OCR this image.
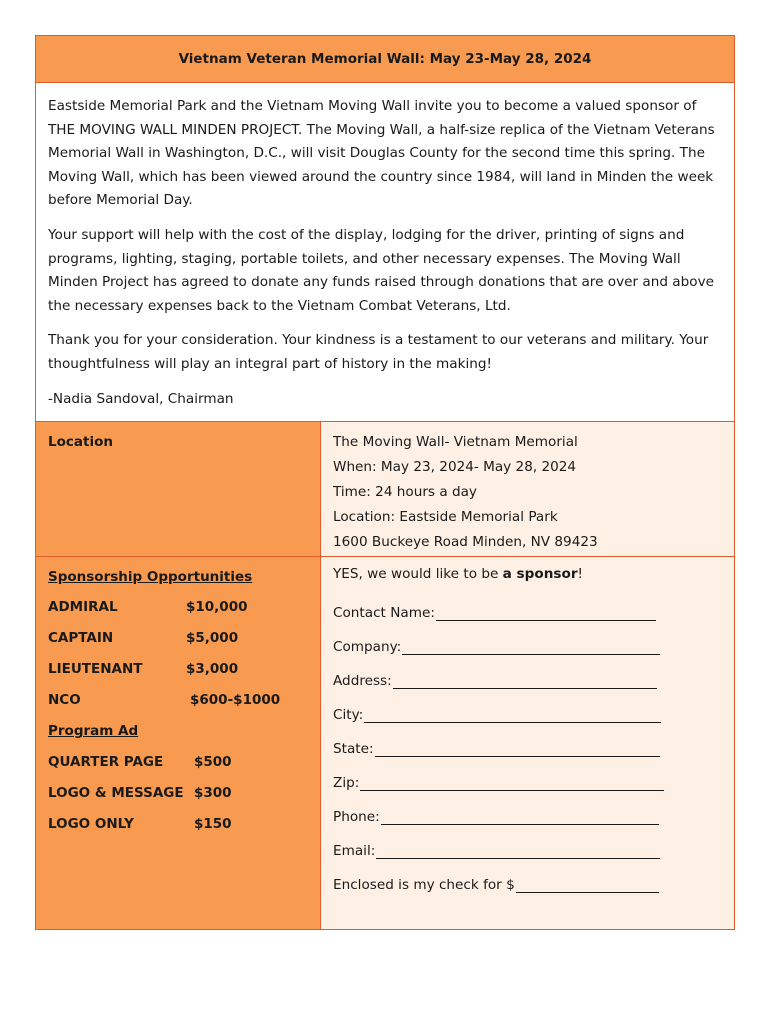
Vietnam Veteran Memorial Wall: May 23-May 28, 2024

Eastside Memorial Park and the Vietnam Moving Wall invite you to become a valued sponsor of THE MOVING WALL MINDEN PROJECT. The Moving Wall, a half-size replica of the Vietnam Veterans Memorial Wall in Washington, D.C., will visit Douglas County for the second time this spring. The Moving Wall, which has been viewed around the country since 1984, will land in Minden the week before Memorial Day.

Your support will help with the cost of the display, lodging for the driver, printing of signs and programs, lighting, staging, portable toilets, and other necessary expenses. The Moving Wall Minden Project has agreed to donate any funds raised through donations that are over and above the necessary expenses back to the Vietnam Combat Veterans, Ltd.

Thank you for your consideration. Your kindness is a testament to our veterans and military. Your thoughtfulness will play an integral part of history in the making!

-Nadia Sandoval, Chairman

Location	The Moving Wall- Vietnam Memorial
When: May 23, 2024- May 28, 2024
Time: 24 hours a day
Location: Eastside Memorial Park
1600 Buckeye Road Minden, NV 89423
Sponsorship Opportunities
ADMIRAL	$10,000
CAPTAIN	$5,000
LIEUTENANT	$3,000
NCO	$600-$1000
Program Ad
QUARTER PAGE	$500
LOGO & MESSAGE $300
LOGO ONLY	$150
YES, we would like to be a sponsor!
Contact Name:
Company:
Address:
City:
State:
Zip:
Phone:
Email:
Enclosed is my check for $
